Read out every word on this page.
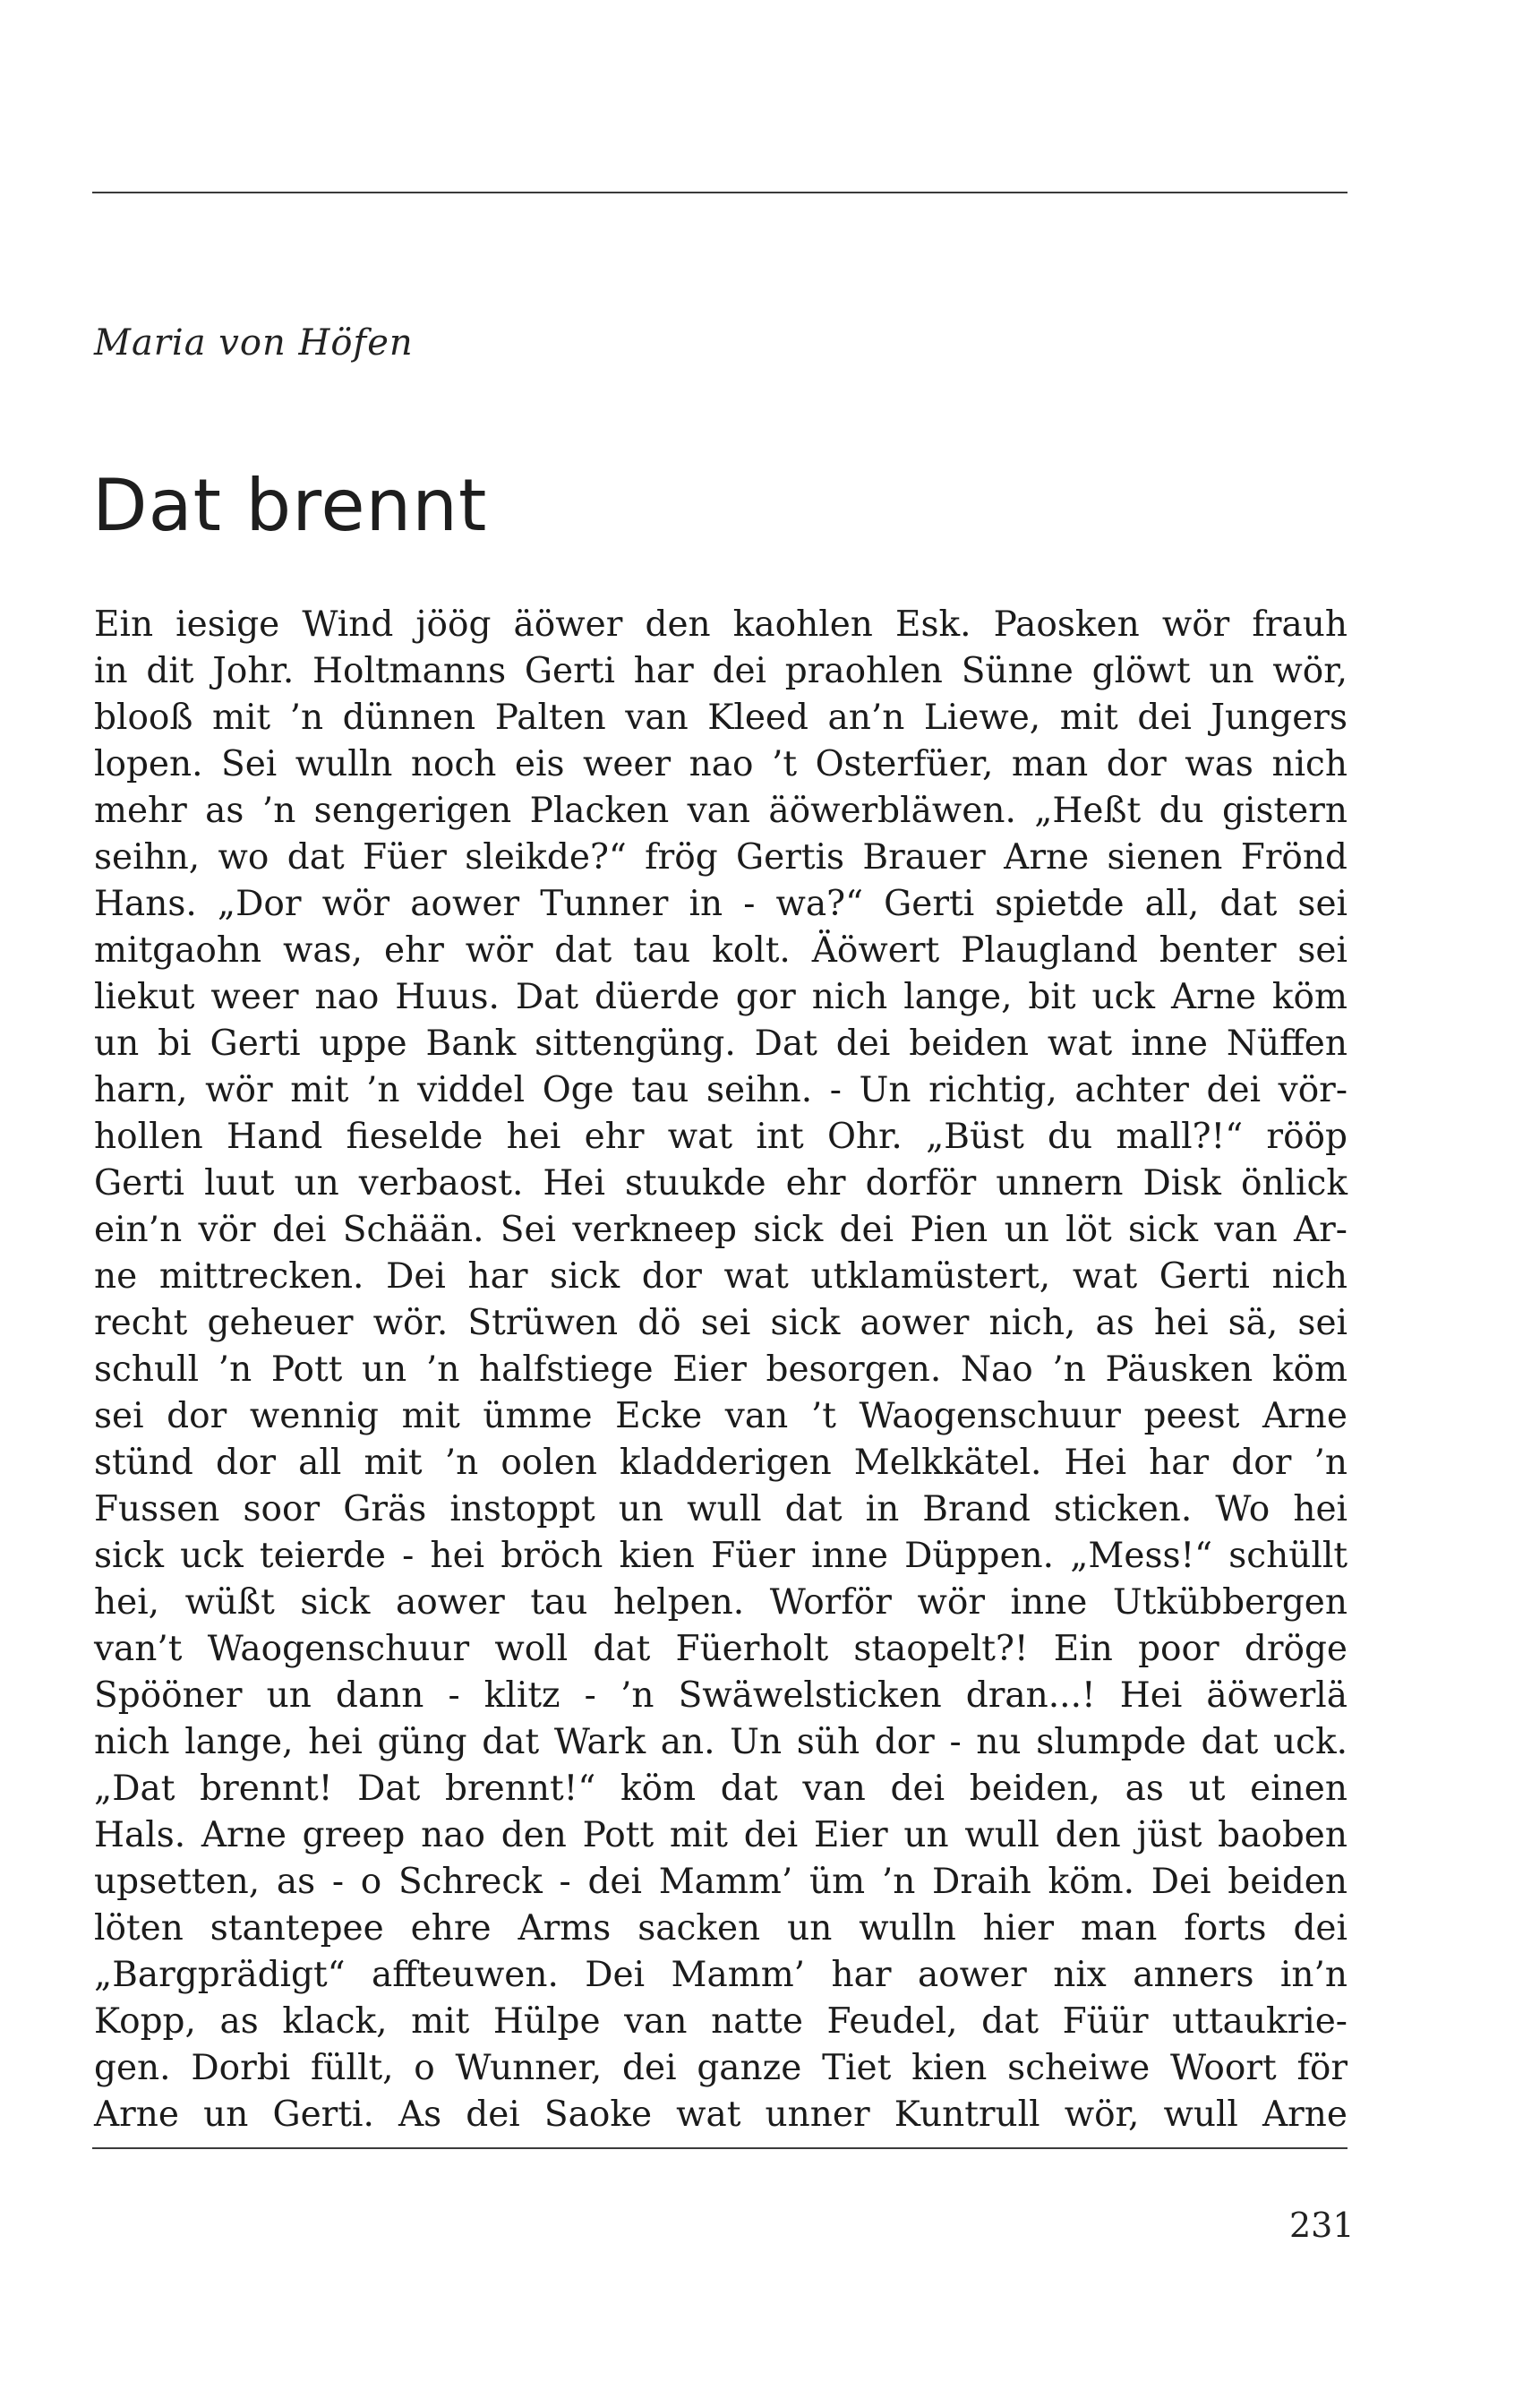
Maria von Höfen
Dat brennt
Ein iesige Wind jöög äöwer den kaohlen Esk. Paosken wör frauh
in dit Johr. Holtmanns Gerti har dei praohlen Sünne glöwt un wör,
blooß mit ’n dünnen Palten van Kleed an’n Liewe, mit dei Jungers
lopen. Sei wulln noch eis weer nao ’t Osterfüer, man dor was nich
mehr as ’n sengerigen Placken van äöwerbläwen. „Heßt du gistern
seihn, wo dat Füer sleikde?“ frög Gertis Brauer Arne sienen Frönd
Hans. „Dor wör aower Tunner in - wa?“ Gerti spietde all, dat sei
mitgaohn was, ehr wör dat tau kolt. Äöwert Plaugland benter sei
liekut weer nao Huus. Dat düerde gor nich lange, bit uck Arne köm
un bi Gerti uppe Bank sittengüng. Dat dei beiden wat inne Nüffen
harn, wör mit ’n viddel Oge tau seihn. - Un richtig, achter dei vör-
hollen Hand fieselde hei ehr wat int Ohr. „Büst du mall?!“ rööp
Gerti luut un verbaost. Hei stuukde ehr dorför unnern Disk önlick
ein’n vör dei Schään. Sei verkneep sick dei Pien un löt sick van Ar-
ne mittrecken. Dei har sick dor wat utklamüstert, wat Gerti nich
recht geheuer wör. Strüwen dö sei sick aower nich, as hei sä, sei
schull ’n Pott un ’n halfstiege Eier besorgen. Nao ’n Päusken köm
sei dor wennig mit ümme Ecke van ’t Waogenschuur peest Arne
stünd dor all mit ’n oolen kladderigen Melkkätel. Hei har dor ’n
Fussen soor Gräs instoppt un wull dat in Brand sticken. Wo hei
sick uck teierde - hei bröch kien Füer inne Düppen. „Mess!“ schüllt
hei, wüßt sick aower tau helpen. Worför wör inne Utkübbergen
van’t Waogenschuur woll dat Füerholt staopelt?! Ein poor dröge
Spööner un dann - klitz - ’n Swäwelsticken dran...! Hei äöwerlä
nich lange, hei güng dat Wark an. Un süh dor - nu slumpde dat uck.
„Dat brennt! Dat brennt!“ köm dat van dei beiden, as ut einen
Hals. Arne greep nao den Pott mit dei Eier un wull den jüst baoben
upsetten, as - o Schreck - dei Mamm’ üm ’n Draih köm. Dei beiden
löten stantepee ehre Arms sacken un wulln hier man forts dei
„Bargprädigt“ affteuwen. Dei Mamm’ har aower nix anners in’n
Kopp, as klack, mit Hülpe van natte Feudel, dat Füür uttaukrie-
gen. Dorbi füllt, o Wunner, dei ganze Tiet kien scheiwe Woort för
Arne un Gerti. As dei Saoke wat unner Kuntrull wör, wull Arne
231
